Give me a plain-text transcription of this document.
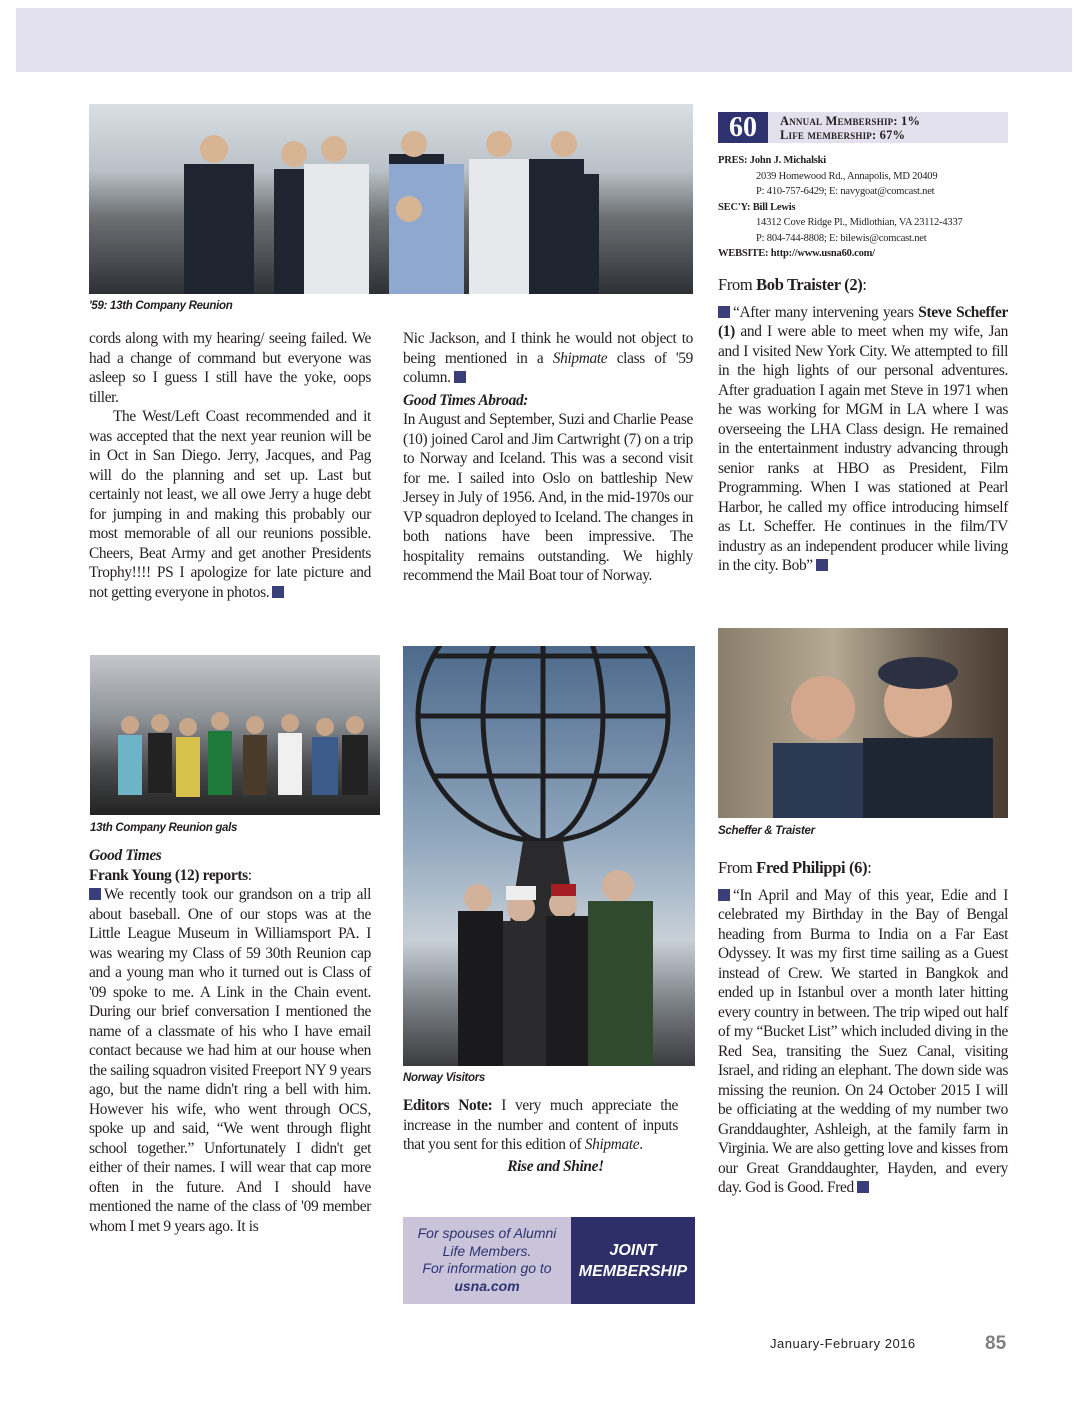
'59: 13th Company Reunion

cords along with my hearing/ seeing failed. We had a change of command but everyone was asleep so I guess I still have the yoke, oops tiller.

The West/Left Coast recommended and it was accepted that the next year reunion will be in Oct in San Diego. Jerry, Jacques, and Pag will do the planning and set up. Last but certainly not least, we all owe Jerry a huge debt for jumping in and making this probably our most memorable of all our reunions possible. Cheers, Beat Army and get another Presidents Trophy!!!! PS I apologize for late picture and not getting everyone in photos.

13th Company Reunion gals

Good Times

Frank Young (12) reports:

We recently took our grandson on a trip all about baseball. One of our stops was at the Little League Museum in Williamsport PA. I was wearing my Class of 59 30th Reunion cap and a young man who it turned out is Class of '09 spoke to me. A Link in the Chain event. During our brief conversation I mentioned the name of a classmate of his who I have email contact because we had him at our house when the sailing squadron visited Freeport NY 9 years ago, but the name didn't ring a bell with him. However his wife, who went through OCS, spoke up and said, “We went through flight school together.” Unfortunately I didn't get either of their names. I will wear that cap more often in the future. And I should have mentioned the name of the class of '09 member whom I met 9 years ago. It is

Nic Jackson, and I think he would not object to being mentioned in a Shipmate class of '59 column.

Good Times Abroad:

In August and September, Suzi and Charlie Pease (10) joined Carol and Jim Cartwright (7) on a trip to Norway and Iceland. This was a second visit for me. I sailed into Oslo on battleship New Jersey in July of 1956. And, in the mid-1970s our VP squadron deployed to Iceland. The changes in both nations have been impressive. The hospitality remains outstanding. We highly recommend the Mail Boat tour of Norway.

Norway Visitors

Editors Note: I very much appreciate the increase in the number and content of inputs that you sent for this edition of Shipmate.

Rise and Shine!

For spouses of Alumni
Life Members.
For information go to
usna.com
JOINT
MEMBERSHIP
60	Annual Membership: 1%
Life membership: 67%
PRES: John J. Michalski
2039 Homewood Rd., Annapolis, MD 20409
P: 410-757-6429; E: navygoat@comcast.net
SEC'Y: Bill Lewis
14312 Cove Ridge Pl., Midlothian, VA 23112-4337
P: 804-744-8808; E: bilewis@comcast.net
WEBSITE: http://www.usna60.com/

From Bob Traister (2):

“After many intervening years Steve Scheffer (1) and I were able to meet when my wife, Jan and I visited New York City. We attempted to fill in the high lights of our personal adventures. After graduation I again met Steve in 1971 when he was working for MGM in LA where I was overseeing the LHA Class design. He remained in the entertainment industry advancing through senior ranks at HBO as President, Film Programming. When I was stationed at Pearl Harbor, he called my office introducing himself as Lt. Scheffer. He continues in the film/TV industry as an independent producer while living in the city. Bob”

Scheffer & Traister

From Fred Philippi (6):

“In April and May of this year, Edie and I celebrated my Birthday in the Bay of Bengal heading from Burma to India on a Far East Odyssey. It was my first time sailing as a Guest instead of Crew. We started in Bangkok and ended up in Istanbul over a month later hitting every country in between. The trip wiped out half of my “Bucket List” which included diving in the Red Sea, transiting the Suez Canal, visiting Israel, and riding an elephant. The down side was missing the reunion. On 24 October 2015 I will be officiating at the wedding of my number two Granddaughter, Ashleigh, at the family farm in Virginia. We are also getting love and kisses from our Great Granddaughter, Hayden, and every day. God is Good. Fred

January-February 2016	85
